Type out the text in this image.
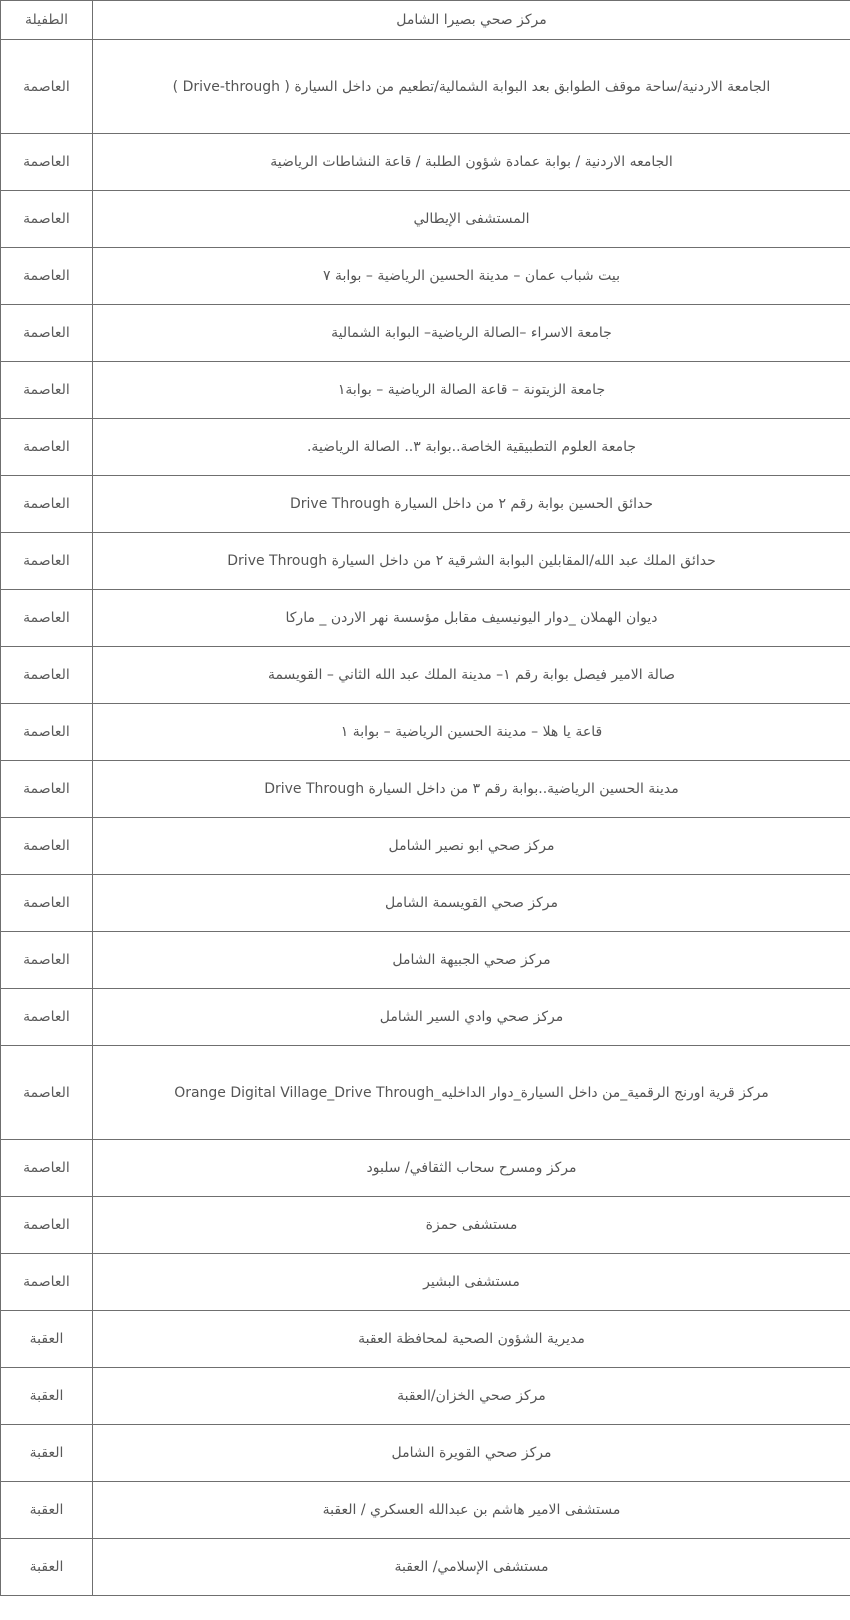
الطفيلة	مركز صحي بصيرا الشامل
العاصمة	الجامعة الاردنية/ساحة موقف الطوابق بعد البوابة الشمالية/تطعيم من داخل السيارة ( Drive-through )
العاصمة	الجامعه الاردنية / بوابة عمادة شؤون الطلبة / قاعة النشاطات الرياضية
العاصمة	المستشفى الإيطالي
العاصمة	بيت شباب عمان – مدينة الحسين الرياضية – بوابة ٧
العاصمة	جامعة الاسراء –الصالة الرياضية– البوابة الشمالية
العاصمة	جامعة الزيتونة – قاعة الصالة الرياضية – بوابة١
العاصمة	جامعة العلوم التطبيقية الخاصة..بوابة ٣.. الصالة الرياضية.
العاصمة	حدائق الحسين بوابة رقم ٢ من داخل السيارة Drive Through
العاصمة	حدائق الملك عبد الله/المقابلين البوابة الشرقية ٢ من داخل السيارة Drive Through
العاصمة	ديوان الهملان _دوار اليونيسيف مقابل مؤسسة نهر الاردن _ ماركا
العاصمة	صالة الامير فيصل بوابة رقم ١– مدينة الملك عبد الله الثاني – القويسمة
العاصمة	قاعة يا هلا – مدينة الحسين الرياضية – بوابة ١
العاصمة	مدينة الحسين الرياضية..بوابة رقم ٣ من داخل السيارة Drive Through
العاصمة	مركز صحي ابو نصير الشامل
العاصمة	مركز صحي القويسمة الشامل
العاصمة	مركز صحي الجبيهة الشامل
العاصمة	مركز صحي وادي السير الشامل
العاصمة	مركز قرية اورنج الرقمية_من داخل السيارة_دوار الداخليه_Orange Digital Village_Drive Through
العاصمة	مركز ومسرح سحاب الثقافي/ سلبود
العاصمة	مستشفى حمزة
العاصمة	مستشفى البشير
العقبة	مديرية الشؤون الصحية لمحافظة العقبة
العقبة	مركز صحي الخزان/العقبة
العقبة	مركز صحي القويرة الشامل
العقبة	مستشفى الامير هاشم بن عبدالله العسكري / العقبة
العقبة	مستشفى الإسلامي/ العقبة
